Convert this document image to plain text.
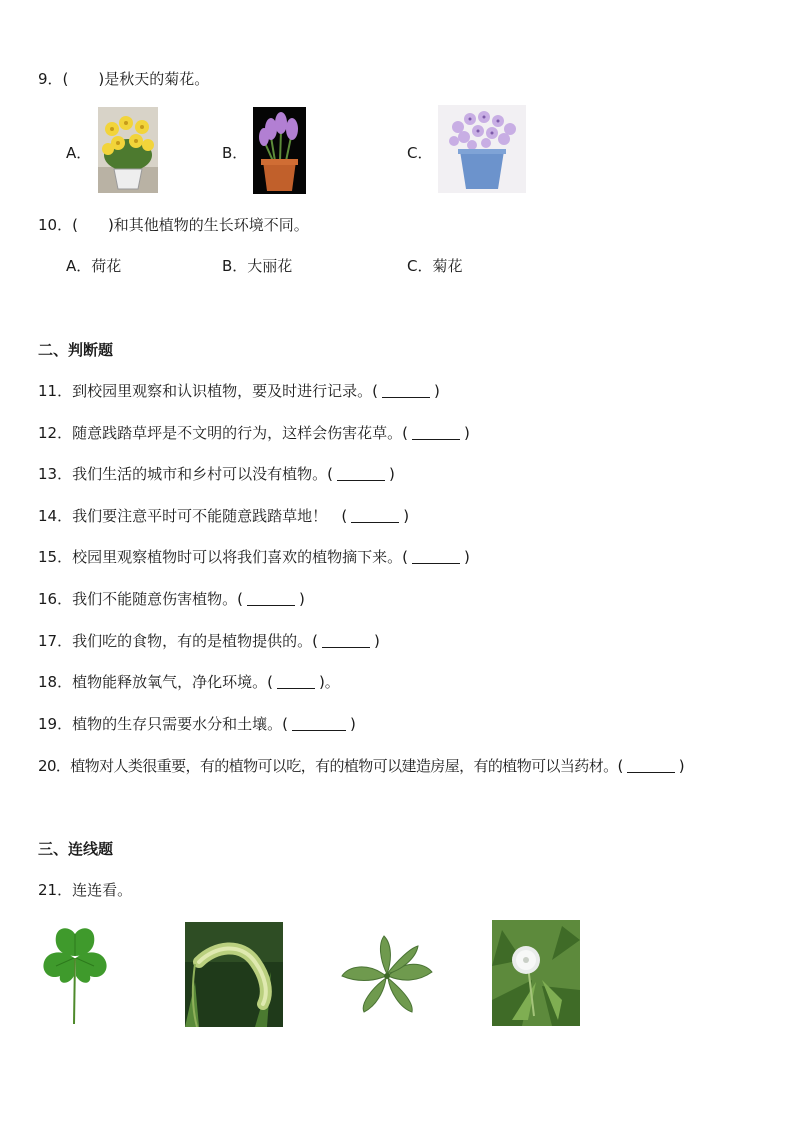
9．(　　)是秋天的菊花。
A．	B．	C．
10．(　　)和其他植物的生长环境不同。
A．荷花	B．大丽花	C．菊花
二、判断题
11．到校园里观察和认识植物，要及时进行记录。(	)
12．随意践踏草坪是不文明的行为，这样会伤害花草。(	)
13．我们生活的城市和乡村可以没有植物。(	)
14．我们要注意平时可不能随意践踏草地！   (	)
15．校园里观察植物时可以将我们喜欢的植物摘下来。(	)
16．我们不能随意伤害植物。(	)
17．我们吃的食物，有的是植物提供的。(	)
18．植物能释放氧气，净化环境。(	)。
19．植物的生存只需要水分和土壤。(	)
20．植物对人类很重要，有的植物可以吃，有的植物可以建造房屋，有的植物可以当药材。(	)
三、连线题
21．连连看。
